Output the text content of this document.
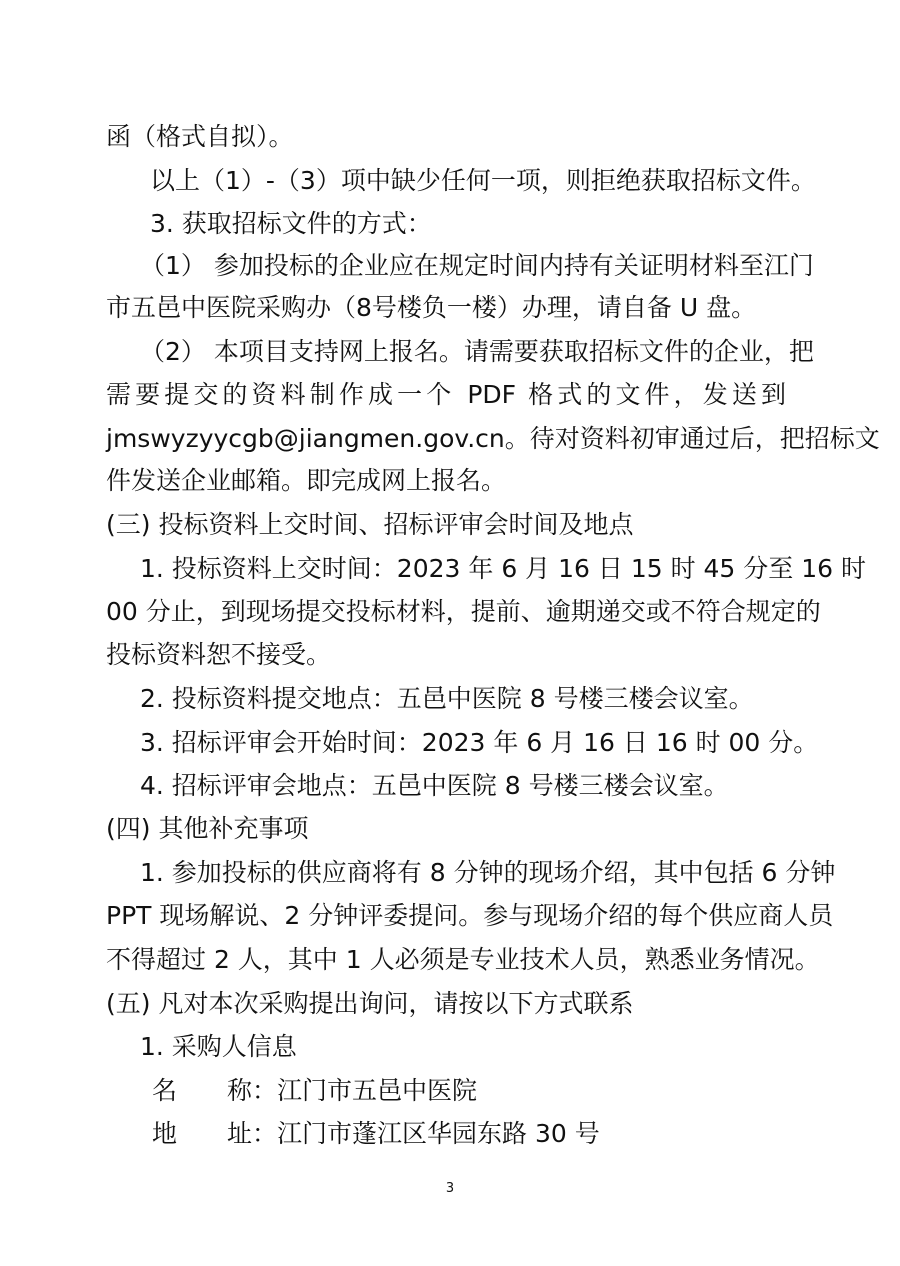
函（格式自拟）。
以上（1）-（3）项中缺少任何一项，则拒绝获取招标文件。
3. 获取招标文件的方式：
（1） 参加投标的企业应在规定时间内持有关证明材料至江门
市五邑中医院采购办（8号楼负一楼）办理，请自备 U 盘。
（2） 本项目支持网上报名。请需要获取招标文件的企业，把
需要提交的资料制作成一个 PDF 格式的文件，发送到
jmswyzyycgb@jiangmen.gov.cn。待对资料初审通过后，把招标文
件发送企业邮箱。即完成网上报名。
(三) 投标资料上交时间、招标评审会时间及地点
1. 投标资料上交时间：2023 年 6 月 16 日 15 时 45 分至 16 时
00 分止，到现场提交投标材料，提前、逾期递交或不符合规定的
投标资料恕不接受。
2. 投标资料提交地点：五邑中医院 8 号楼三楼会议室。
3. 招标评审会开始时间：2023 年 6 月 16 日 16 时 00 分。
4. 招标评审会地点：五邑中医院 8 号楼三楼会议室。
(四) 其他补充事项
1. 参加投标的供应商将有 8 分钟的现场介绍，其中包括 6 分钟
PPT 现场解说、2 分钟评委提问。参与现场介绍的每个供应商人员
不得超过 2 人，其中 1 人必须是专业技术人员，熟悉业务情况。
(五) 凡对本次采购提出询问，请按以下方式联系
1. 采购人信息
名　　称：江门市五邑中医院
地　　址：江门市蓬江区华园东路 30 号
3
